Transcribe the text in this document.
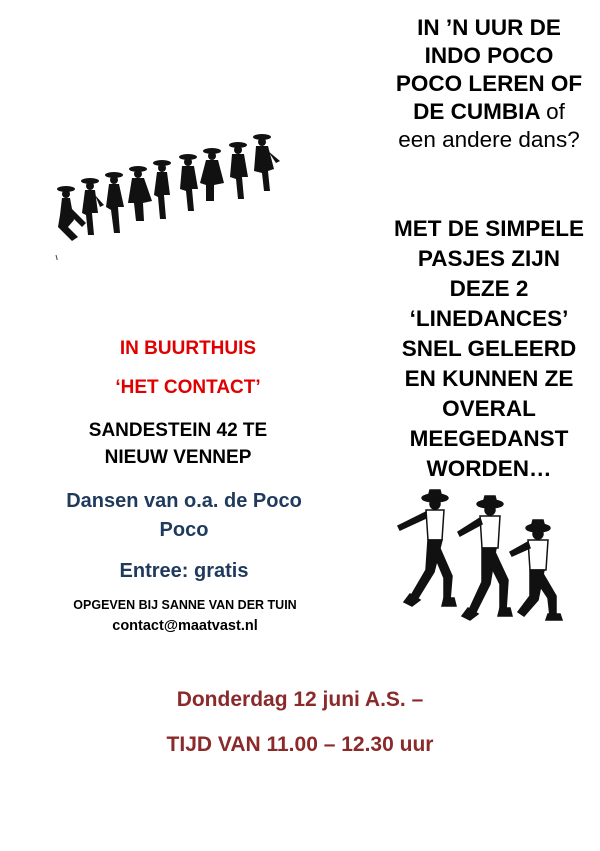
IN ’N UUR DE
INDO POCO
POCO LEREN OF
DE CUMBIA of
een andere dans?
MET DE SIMPELE
PASJES ZIJN
DEZE 2
‘LINEDANCES’
SNEL GELEERD
EN KUNNEN ZE
OVERAL
MEEGEDANST
WORDEN…
IN BUURTHUIS
‘HET CONTACT’
SANDESTEIN 42 TE
NIEUW VENNEP
Dansen van o.a. de Poco
Poco
Entree: gratis
OPGEVEN BIJ SANNE VAN DER TUIN
contact@maatvast.nl
Donderdag 12 juni A.S. –
TIJD VAN 11.00 – 12.30 uur
